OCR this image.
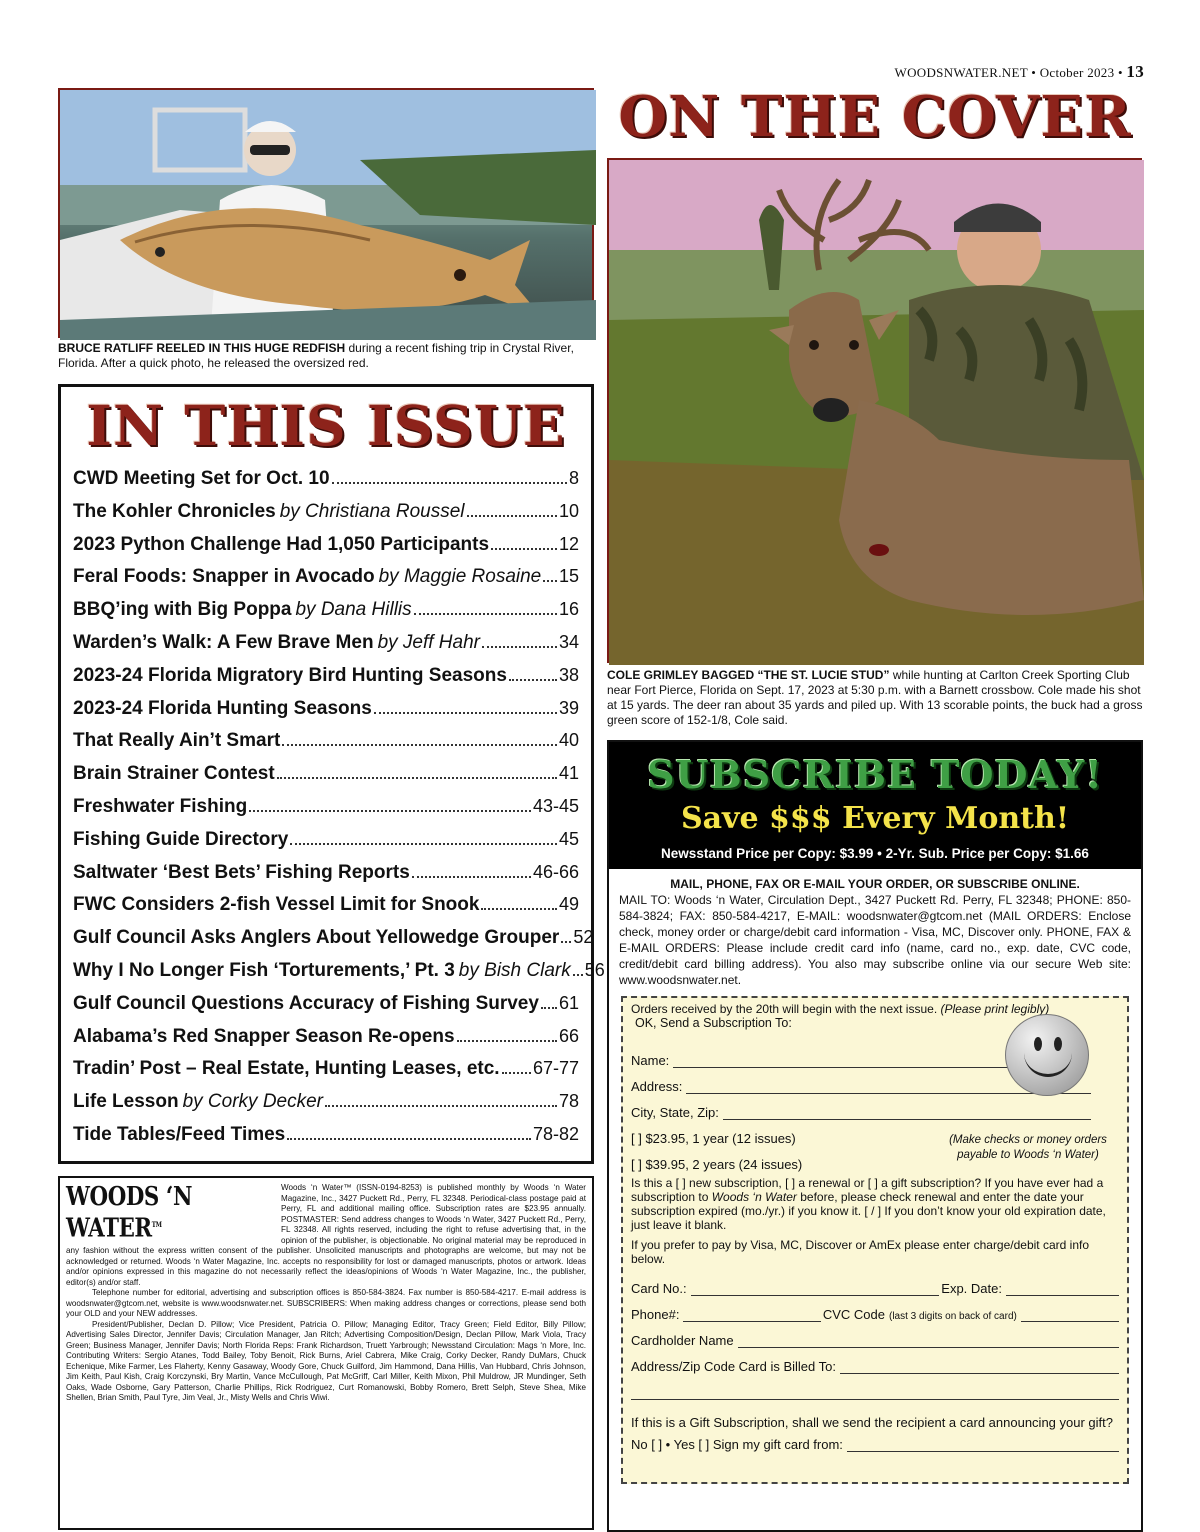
WOODSNWATER.NET • October 2023 • 13
BRUCE RATLIFF REELED IN THIS HUGE REDFISH during a recent fishing trip in Crystal River, Florida. After a quick photo, he released the oversized red.
ON THE COVER
COLE GRIMLEY BAGGED “THE ST. LUCIE STUD” while hunting at Carlton Creek Sporting Club near Fort Pierce, Florida on Sept. 17, 2023 at 5:30 p.m. with a Barnett crossbow. Cole made his shot at 15 yards. The deer ran about 35 yards and piled up. With 13 scorable points, the buck had a gross green score of 152-1/8, Cole said.
IN THIS ISSUE
CWD Meeting Set for Oct. 10	8
The Kohler Chronicles by Christiana Roussel	10
2023 Python Challenge Had 1,050 Participants	12
Feral Foods: Snapper in Avocado by Maggie Rosaine 15
BBQ’ing with Big Poppa by Dana Hillis	16
Warden’s Walk: A Few Brave Men by Jeff Hahr	34
2023-24 Florida Migratory Bird Hunting Seasons	38
2023-24 Florida Hunting Seasons	39
That Really Ain’t Smart	40
Brain Strainer Contest	41
Freshwater Fishing	43-45
Fishing Guide Directory	45
Saltwater ‘Best Bets’ Fishing Reports	46-66
FWC Considers 2-fish Vessel Limit for Snook	49
Gulf Council Asks Anglers About Yellowedge Grouper 52
Why I No Longer Fish ‘Torturements,’ Pt. 3 by Bish Clark 56
Gulf Council Questions Accuracy of Fishing Survey 61
Alabama’s Red Snapper Season Re-opens	66
Tradin’ Post – Real Estate, Hunting Leases, etc. 67-77
Life Lesson by Corky Decker	78
Tide Tables/Feed Times	78-82
WOODS ‘N WATER™

Woods ‘n Water™ (ISSN-0194-8253) is published monthly by Woods ‘n Water Magazine, Inc., 3427 Puckett Rd., Perry, FL 32348. Periodical-class postage paid at Perry, FL and additional mailing office. Subscription rates are $23.95 annually. POSTMASTER: Send address changes to Woods ‘n Water, 3427 Puckett Rd., Perry, FL 32348. All rights reserved, including the right to refuse advertising that, in the opinion of the publisher, is objectionable. No original material may be reproduced in any fashion without the express written consent of the publisher. Unsolicited manuscripts and photographs are welcome, but may not be acknowledged or returned. Woods ‘n Water Magazine, Inc. accepts no responsibility for lost or damaged manuscripts, photos or artwork. Ideas and/or opinions expressed in this magazine do not necessarily reflect the ideas/opinions of Woods ‘n Water Magazine, Inc., the publisher, editor(s) and/or staff.

Telephone number for editorial, advertising and subscription offices is 850-584-3824. Fax number is 850-584-4217. E-mail address is woodsnwater@gtcom.net, website is www.woodsnwater.net. SUBSCRIBERS: When making address changes or corrections, please send both your OLD and your NEW addresses.

President/Publisher, Declan D. Pillow; Vice President, Patricia O. Pillow; Managing Editor, Tracy Green; Field Editor, Billy Pillow; Advertising Sales Director, Jennifer Davis; Circulation Manager, Jan Ritch; Advertising Composition/Design, Declan Pillow, Mark Viola, Tracy Green; Business Manager, Jennifer Davis; North Florida Reps: Frank Richardson, Truett Yarbrough; Newsstand Circulation: Mags ‘n More, Inc. Contributing Writers: Sergio Atanes, Todd Bailey, Toby Benoit, Rick Burns, Ariel Cabrera, Mike Craig, Corky Decker, Randy DuMars, Chuck Echenique, Mike Farmer, Les Flaherty, Kenny Gasaway, Woody Gore, Chuck Guilford, Jim Hammond, Dana Hillis, Van Hubbard, Chris Johnson, Jim Keith, Paul Kish, Craig Korczynski, Bry Martin, Vance McCullough, Pat McGriff, Carl Miller, Keith Mixon, Phil Muldrow, JR Mundinger, Seth Oaks, Wade Osborne, Gary Patterson, Charlie Phillips, Rick Rodriguez, Curt Romanowski, Bobby Romero, Brett Selph, Steve Shea, Mike Shellen, Brian Smith, Paul Tyre, Jim Veal, Jr., Misty Wells and Chris Wiwi.

SUBSCRIBE TODAY!
Save $$$ Every Month!
Newsstand Price per Copy: $3.99 • 2-Yr. Sub. Price per Copy: $1.66
MAIL, PHONE, FAX OR E-MAIL YOUR ORDER, OR SUBSCRIBE ONLINE.
MAIL TO: Woods ‘n Water, Circulation Dept., 3427 Puckett Rd. Perry, FL 32348; PHONE: 850-584-3824; FAX: 850-584-4217, E-MAIL: woodsnwater@gtcom.net (MAIL ORDERS: Enclose check, money order or charge/debit card information - Visa, MC, Discover only. PHONE, FAX & E-MAIL ORDERS: Please include credit card info (name, card no., exp. date, CVC code, credit/debit card billing address). You also may subscribe online via our secure Web site: www.woodsnwater.net.
Orders received by the 20th will begin with the next issue. (Please print legibly)
OK, Send a Subscription To:
Name:
Address:
City, State, Zip:
[ ] $23.95, 1 year (12 issues)
[ ] $39.95, 2 years (24 issues)
(Make checks or money orders payable to Woods ‘n Water)
Is this a [ ] new subscription, [ ] a renewal or [ ] a gift subscription? If you have ever had a subscription to Woods ‘n Water before, please check renewal and enter the date your subscription expired (mo./yr.) if you know it. [ / ] If you don’t know your old expiration date, just leave it blank.
If you prefer to pay by Visa, MC, Discover or AmEx please enter charge/debit card info below.
Card No.:	Exp. Date:
Phone#:	CVC Code (last 3 digits on back of card)
Cardholder Name
Address/Zip Code Card is Billed To:
If this is a Gift Subscription, shall we send the recipient a card announcing your gift?
No [ ] • Yes [ ] Sign my gift card from:
